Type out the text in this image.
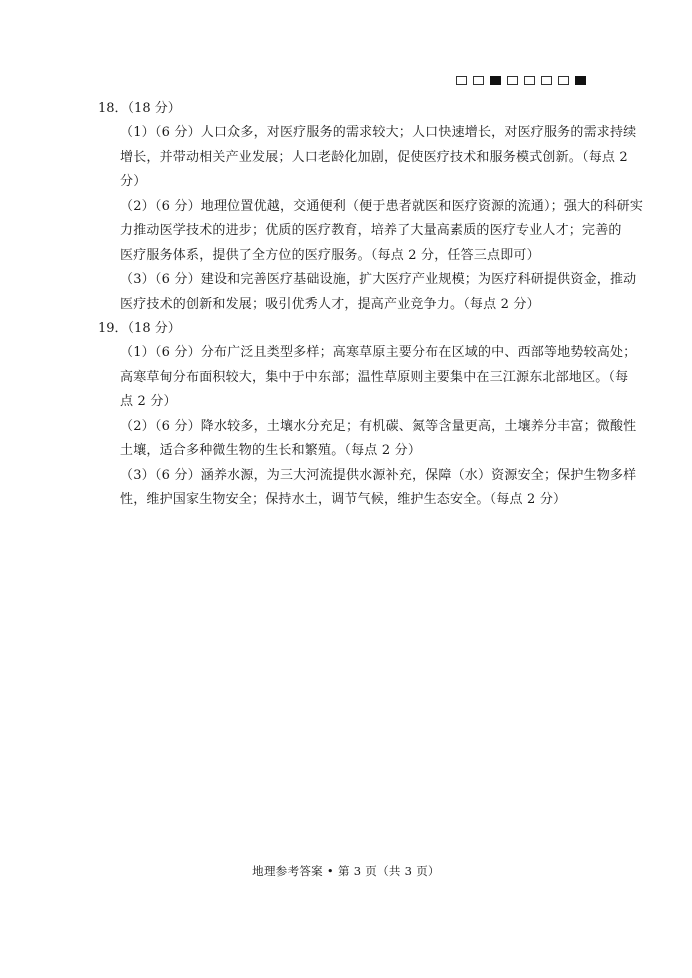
18．（18 分）
（1）（6 分）人口众多，对医疗服务的需求较大；人口快速增长，对医疗服务的需求持续
增长，并带动相关产业发展；人口老龄化加剧，促使医疗技术和服务模式创新。（每点 2
分）
（2）（6 分）地理位置优越，交通便利（便于患者就医和医疗资源的流通）；强大的科研实
力推动医学技术的进步；优质的医疗教育，培养了大量高素质的医疗专业人才；完善的
医疗服务体系，提供了全方位的医疗服务。（每点 2 分，任答三点即可）
（3）（6 分）建设和完善医疗基础设施，扩大医疗产业规模；为医疗科研提供资金，推动
医疗技术的创新和发展；吸引优秀人才，提高产业竞争力。（每点 2 分）
19．（18 分）
（1）（6 分）分布广泛且类型多样；高寒草原主要分布在区域的中、西部等地势较高处；
高寒草甸分布面积较大，集中于中东部；温性草原则主要集中在三江源东北部地区。（每
点 2 分）
（2）（6 分）降水较多，土壤水分充足；有机碳、氮等含量更高，土壤养分丰富；微酸性
土壤，适合多种微生物的生长和繁殖。（每点 2 分）
（3）（6 分）涵养水源，为三大河流提供水源补充，保障（水）资源安全；保护生物多样
性，维护国家生物安全；保持水土，调节气候，维护生态安全。（每点 2 分）
地理参考答案 • 第 3 页（共 3 页）
